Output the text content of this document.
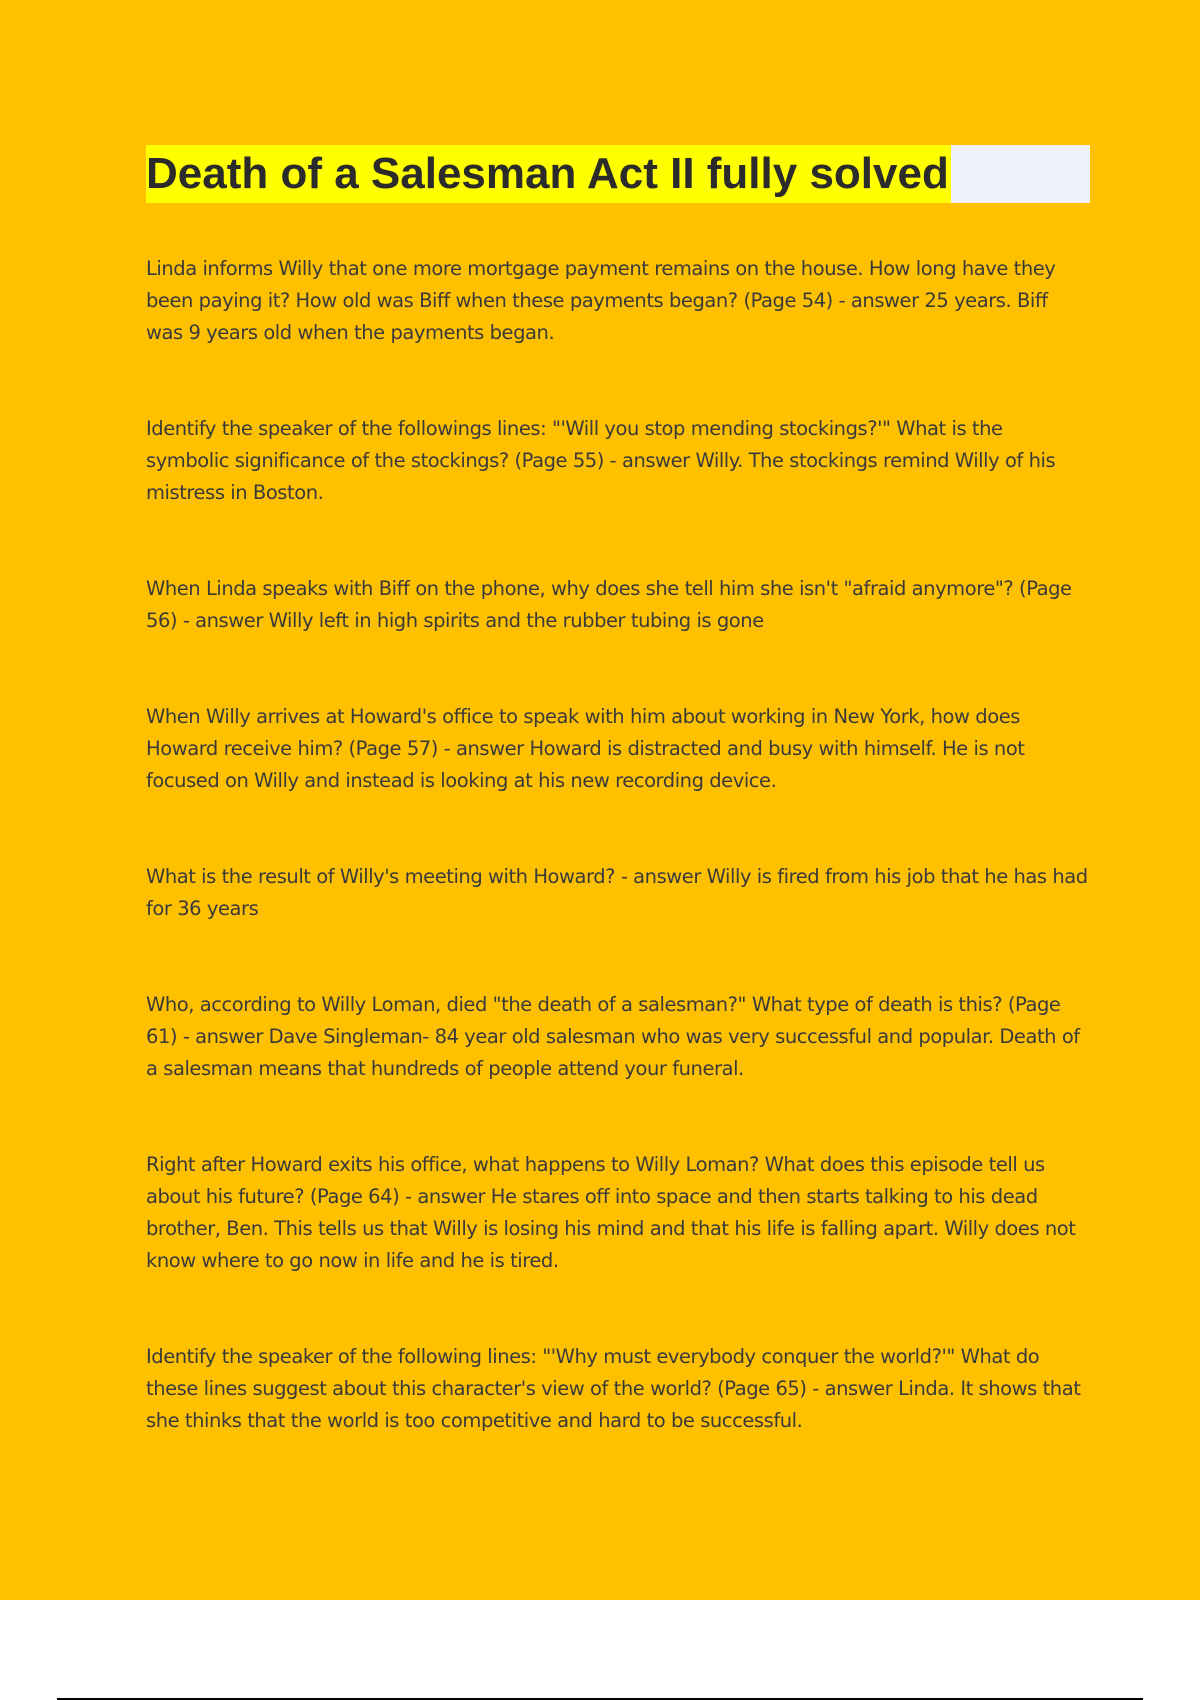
Death of a Salesman Act II fully solved

Linda informs Willy that one more mortgage payment remains on the house. How long have they been paying it? How old was Biff when these payments began? (Page 54) - answer 25 years. Biff was 9 years old when the payments began.

Identify the speaker of the followings lines: "'Will you stop mending stockings?'" What is the symbolic significance of the stockings? (Page 55) - answer Willy. The stockings remind Willy of his mistress in Boston.

When Linda speaks with Biff on the phone, why does she tell him she isn't "afraid anymore"? (Page 56) - answer Willy left in high spirits and the rubber tubing is gone

When Willy arrives at Howard's office to speak with him about working in New York, how does Howard receive him? (Page 57) - answer Howard is distracted and busy with himself. He is not focused on Willy and instead is looking at his new recording device.

What is the result of Willy's meeting with Howard? - answer Willy is fired from his job that he has had for 36 years

Who, according to Willy Loman, died "the death of a salesman?" What type of death is this? (Page 61) - answer Dave Singleman- 84 year old salesman who was very successful and popular. Death of a salesman means that hundreds of people attend your funeral.

Right after Howard exits his office, what happens to Willy Loman? What does this episode tell us about his future? (Page 64) - answer He stares off into space and then starts talking to his dead brother, Ben. This tells us that Willy is losing his mind and that his life is falling apart. Willy does not know where to go now in life and he is tired.

Identify the speaker of the following lines: "'Why must everybody conquer the world?'" What do these lines suggest about this character's view of the world? (Page 65) - answer Linda. It shows that she thinks that the world is too competitive and hard to be successful.
